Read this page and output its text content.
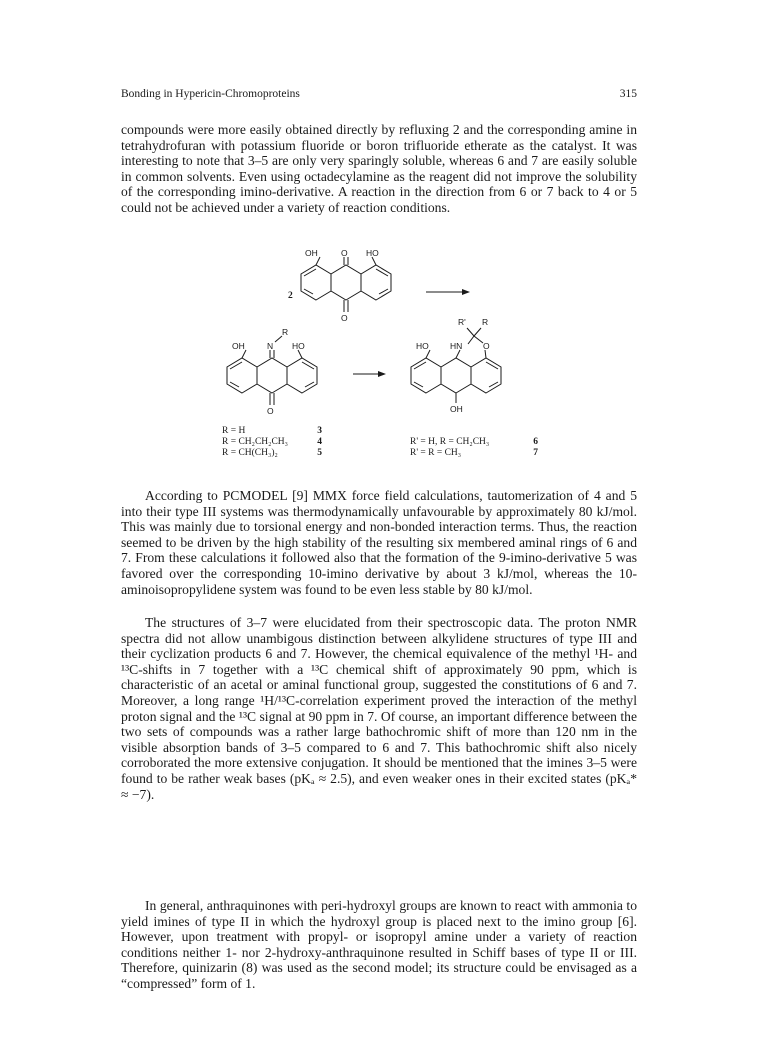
Bonding in Hypericin-Chromoproteins	315

compounds were more easily obtained directly by refluxing 2 and the corresponding amine in tetrahydrofuran with potassium fluoride or boron trifluoride etherate as the catalyst. It was interesting to note that 3–5 are only very sparingly soluble, whereas 6 and 7 are easily soluble in common solvents. Even using octadecylamine as the reagent did not improve the solubility of the corresponding imino-derivative. A reaction in the direction from 6 or 7 back to 4 or 5 could not be achieved under a variety of reaction conditions.

OH	O HO
O
2
OH	N
R
HO
O
R' R
HO	HN O
OH
R = H	3
R = CH₂CH₂CH₃	4
R = CH(CH₃)₂	5
R' = H, R = CH₂CH₃	6
R' = R = CH₃	7

According to PCMODEL [9] MMX force field calculations, tautomerization of 4 and 5 into their type III systems was thermodynamically unfavourable by approximately 80 kJ/mol. This was mainly due to torsional energy and non-bonded interaction terms. Thus, the reaction seemed to be driven by the high stability of the resulting six membered aminal rings of 6 and 7. From these calculations it followed also that the formation of the 9-imino-derivative 5 was favored over the corresponding 10-imino derivative by about 3 kJ/mol, whereas the 10-aminoisopropylidene system was found to be even less stable by 80 kJ/mol.

The structures of 3–7 were elucidated from their spectroscopic data. The proton NMR spectra did not allow unambigous distinction between alkylidene structures of type III and their cyclization products 6 and 7. However, the chemical equivalence of the methyl ¹H- and ¹³C-shifts in 7 together with a ¹³C chemical shift of approximately 90 ppm, which is characteristic of an acetal or aminal functional group, suggested the constitutions of 6 and 7. Moreover, a long range ¹H/¹³C-correlation experiment proved the interaction of the methyl proton signal and the ¹³C signal at 90 ppm in 7. Of course, an important difference between the two sets of compounds was a rather large bathochromic shift of more than 120 nm in the visible absorption bands of 3–5 compared to 6 and 7. This bathochromic shift also nicely corroborated the more extensive conjugation. It should be mentioned that the imines 3–5 were found to be rather weak bases (pKₐ ≈ 2.5), and even weaker ones in their excited states (pKₐ* ≈ −7).

In general, anthraquinones with peri-hydroxyl groups are known to react with ammonia to yield imines of type II in which the hydroxyl group is placed next to the imino group [6]. However, upon treatment with propyl- or isopropyl amine under a variety of reaction conditions neither 1- nor 2-hydroxy-anthraquinone resulted in Schiff bases of type II or III. Therefore, quinizarin (8) was used as the second model; its structure could be envisaged as a “compressed” form of 1.
